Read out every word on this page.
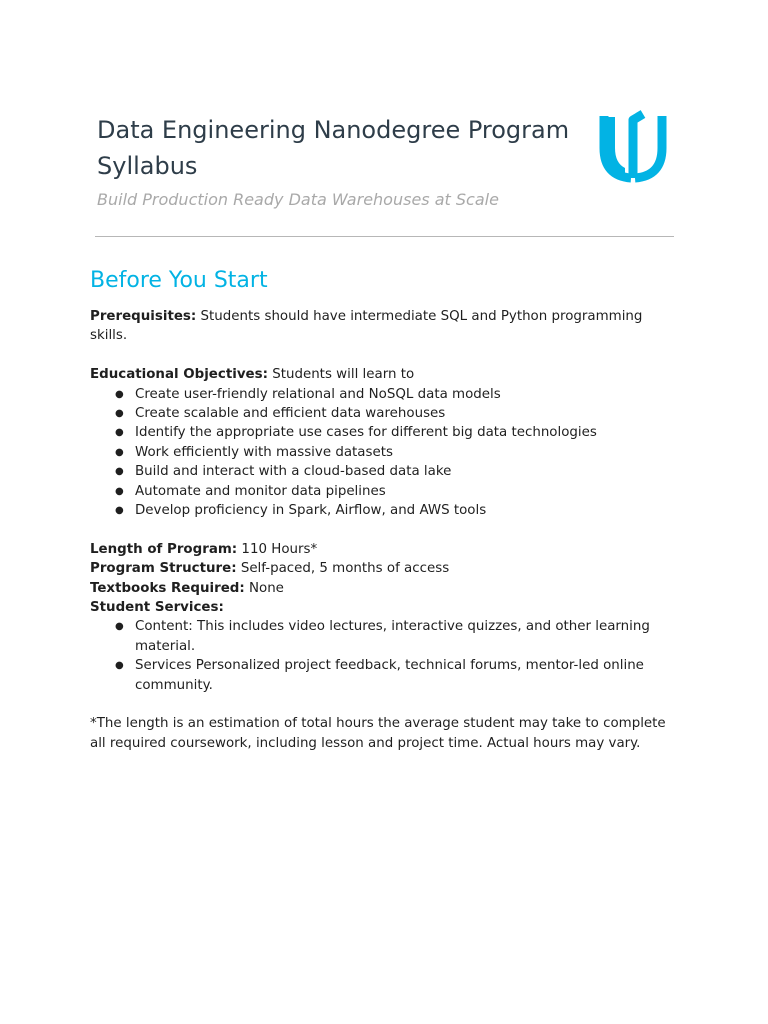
Data Engineering Nanodegree Program Syllabus

Build Production Ready Data Warehouses at Scale

Before You Start

Prerequisites: Students should have intermediate SQL and Python programming skills.

Educational Objectives: Students will learn to

● Create user-friendly relational and NoSQL data models
● Create scalable and efficient data warehouses
● Identify the appropriate use cases for different big data technologies
● Work efficiently with massive datasets
● Build and interact with a cloud-based data lake
● Automate and monitor data pipelines
● Develop proficiency in Spark, Airflow, and AWS tools

Length of Program: 110 Hours*

Program Structure: Self-paced, 5 months of access

Textbooks Required: None

Student Services:

● Content: This includes video lectures, interactive quizzes, and other learning material.
● Services Personalized project feedback, technical forums, mentor-led online community.

*The length is an estimation of total hours the average student may take to complete all required coursework, including lesson and project time. Actual hours may vary.
